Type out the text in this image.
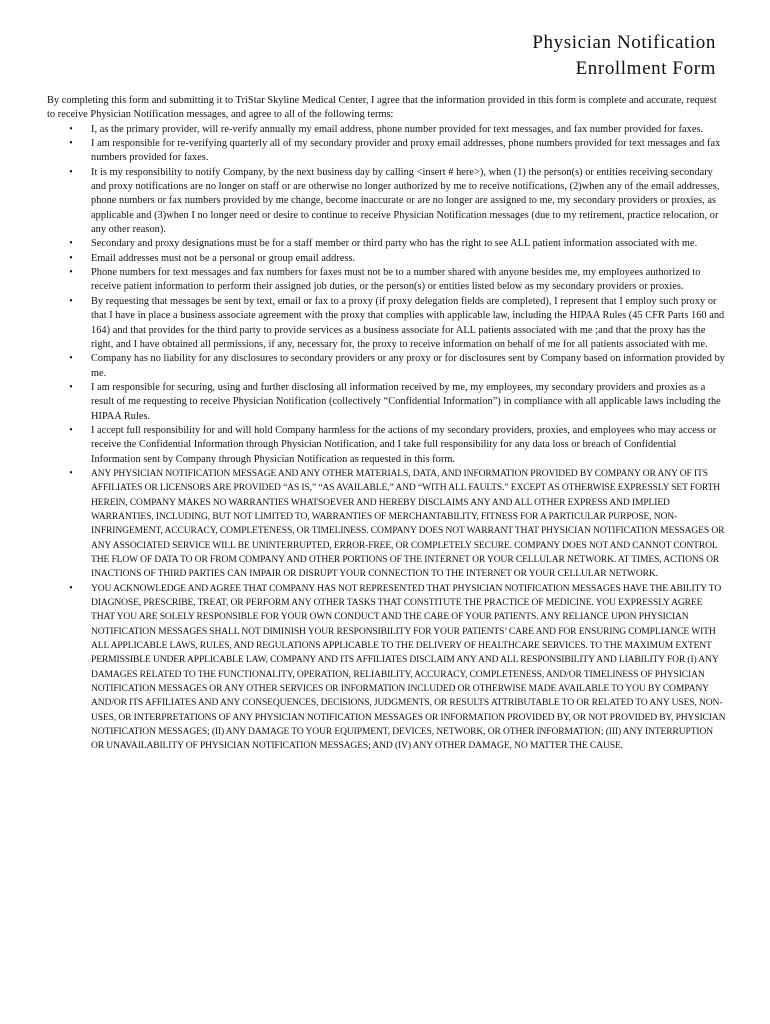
Physician Notification
Enrollment Form

By completing this form and submitting it to TriStar Skyline Medical Center, I agree that the information provided in this form is complete and accurate, request to receive Physician Notification messages, and agree to all of the following terms:

•	I, as the primary provider, will re-verify annually my email address, phone number provided for text messages, and fax number provided for faxes.
•	I am responsible for re-verifying quarterly all of my secondary provider and proxy email addresses, phone numbers provided for text messages and fax numbers provided for faxes.
•	It is my responsibility to notify Company, by the next business day by calling <insert # here>), when (1) the person(s) or entities receiving secondary and proxy notifications are no longer on staff or are otherwise no longer authorized by me to receive notifications, (2)when any of the email addresses, phone numbers or fax numbers provided by me change, become inaccurate or are no longer are assigned to me, my secondary providers or proxies, as applicable and (3)when I no longer need or desire to continue to receive Physician Notification messages (due to my retirement, practice relocation, or any other reason).
•	Secondary and proxy designations must be for a staff member or third party who has the right to see ALL patient information associated with me.
•	Email addresses must not be a personal or group email address.
•	Phone numbers for text messages and fax numbers for faxes must not be to a number shared with anyone besides me, my employees authorized to receive patient information to perform their assigned job duties, or the person(s) or entities listed below as my secondary providers or proxies.
•	By requesting that messages be sent by text, email or fax to a proxy (if proxy delegation fields are completed), I represent that I employ such proxy or that I have in place a business associate agreement with the proxy that complies with applicable law, including the HIPAA Rules (45 CFR Parts 160 and 164) and that provides for the third party to provide services as a business associate for ALL patients associated with me ;and that the proxy has the right, and I have obtained all permissions, if any, necessary for, the proxy to receive information on behalf of me for all patients associated with me.
•	Company has no liability for any disclosures to secondary providers or any proxy or for disclosures sent by Company based on information provided by me.
•	I am responsible for securing, using and further disclosing all information received by me, my employees, my secondary providers and proxies as a result of me requesting to receive Physician Notification (collectively “Confidential Information”) in compliance with all applicable laws including the HIPAA Rules.
•	I accept full responsibility for and will hold Company harmless for the actions of my secondary providers, proxies, and employees who may access or receive the Confidential Information through Physician Notification, and I take full responsibility for any data loss or breach of Confidential Information sent by Company through Physician Notification as requested in this form.
•	ANY PHYSICIAN NOTIFICATION MESSAGE AND ANY OTHER MATERIALS, DATA, AND INFORMATION PROVIDED BY COMPANY OR ANY OF ITS AFFILIATES OR LICENSORS ARE PROVIDED “AS IS,” “AS AVAILABLE,” AND “WITH ALL FAULTS.” EXCEPT AS OTHERWISE EXPRESSLY SET FORTH HEREIN, COMPANY MAKES NO WARRANTIES WHATSOEVER AND HEREBY DISCLAIMS ANY AND ALL OTHER EXPRESS AND IMPLIED WARRANTIES, INCLUDING, BUT NOT LIMITED TO, WARRANTIES OF MERCHANTABILITY, FITNESS FOR A PARTICULAR PURPOSE, NON-INFRINGEMENT, ACCURACY, COMPLETENESS, OR TIMELINESS. COMPANY DOES NOT WARRANT THAT PHYSICIAN NOTIFICATION MESSAGES OR ANY ASSOCIATED SERVICE WILL BE UNINTERRUPTED, ERROR-FREE, OR COMPLETELY SECURE. COMPANY DOES NOT AND CANNOT CONTROL THE FLOW OF DATA TO OR FROM COMPANY AND OTHER PORTIONS OF THE INTERNET OR YOUR CELLULAR NETWORK. AT TIMES, ACTIONS OR INACTIONS OF THIRD PARTIES CAN IMPAIR OR DISRUPT YOUR CONNECTION TO THE INTERNET OR YOUR CELLULAR NETWORK.
•	YOU ACKNOWLEDGE AND AGREE THAT COMPANY HAS NOT REPRESENTED THAT PHYSICIAN NOTIFICATION MESSAGES HAVE THE ABILITY TO DIAGNOSE, PRESCRIBE, TREAT, OR PERFORM ANY OTHER TASKS THAT CONSTITUTE THE PRACTICE OF MEDICINE. YOU EXPRESSLY AGREE THAT YOU ARE SOLELY RESPONSIBLE FOR YOUR OWN CONDUCT AND THE CARE OF YOUR PATIENTS. ANY RELIANCE UPON PHYSICIAN NOTIFICATION MESSAGES SHALL NOT DIMINISH YOUR RESPONSIBILITY FOR YOUR PATIENTS’ CARE AND FOR ENSURING COMPLIANCE WITH ALL APPLICABLE LAWS, RULES, AND REGULATIONS APPLICABLE TO THE DELIVERY OF HEALTHCARE SERVICES. TO THE MAXIMUM EXTENT PERMISSIBLE UNDER APPLICABLE LAW, COMPANY AND ITS AFFILIATES DISCLAIM ANY AND ALL RESPONSIBILITY AND LIABILITY FOR (I) ANY DAMAGES RELATED TO THE FUNCTIONALITY, OPERATION, RELIABILITY, ACCURACY, COMPLETENESS, AND/OR TIMELINESS OF PHYSICIAN NOTIFICATION MESSAGES OR ANY OTHER SERVICES OR INFORMATION INCLUDED OR OTHERWISE MADE AVAILABLE TO YOU BY COMPANY AND/OR ITS AFFILIATES AND ANY CONSEQUENCES, DECISIONS, JUDGMENTS, OR RESULTS ATTRIBUTABLE TO OR RELATED TO ANY USES, NON-USES, OR INTERPRETATIONS OF ANY PHYSICIAN NOTIFICATION MESSAGES OR INFORMATION PROVIDED BY, OR NOT PROVIDED BY, PHYSICIAN NOTIFICATION MESSAGES; (II) ANY DAMAGE TO YOUR EQUIPMENT, DEVICES, NETWORK, OR OTHER INFORMATION; (III) ANY INTERRUPTION OR UNAVAILABILITY OF PHYSICIAN NOTIFICATION MESSAGES; AND (IV) ANY OTHER DAMAGE, NO MATTER THE CAUSE.
